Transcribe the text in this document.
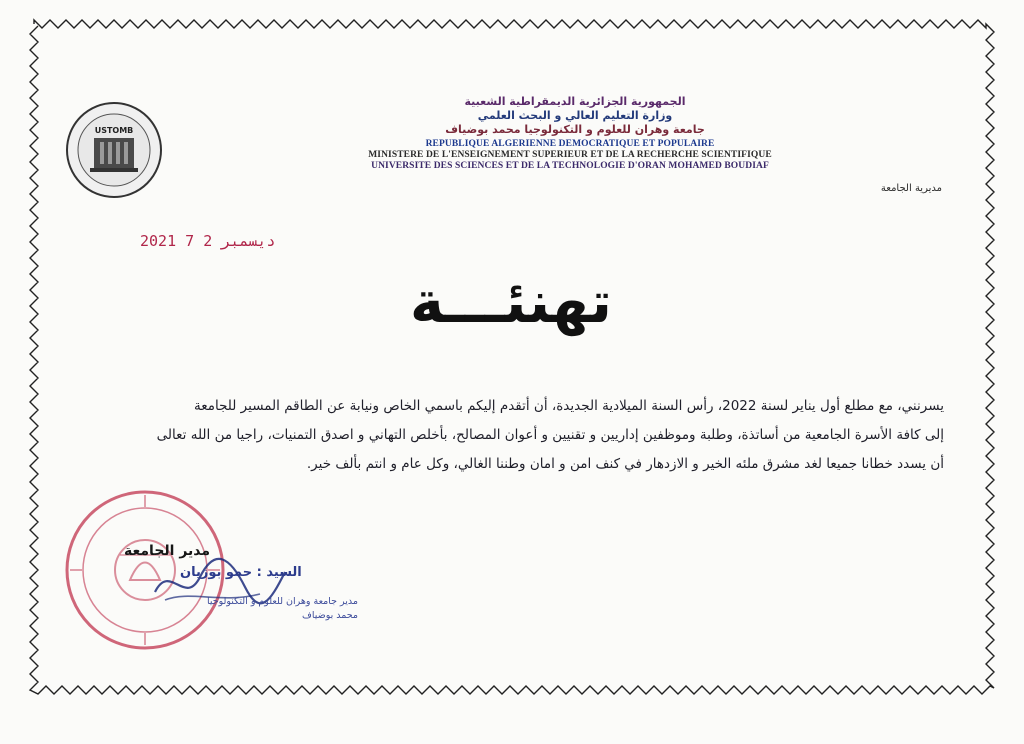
USTOMB
الجمهورية الجزائرية الديمقراطية الشعبية
وزارة التعليم العالي و البحث العلمي
جامعة وهران للعلوم و التكنولوجيا محمد بوضياف
REPUBLIQUE ALGERIENNE DEMOCRATIQUE ET POPULAIRE
MINISTERE DE L'ENSEIGNEMENT SUPERIEUR ET DE LA RECHERCHE SCIENTIFIQUE
UNIVERSITE DES SCIENCES ET DE LA TECHNOLOGIE D'ORAN MOHAMED BOUDIAF
مديرية الجامعة
2021 ديسمبر 2 7
تهنئـــة

يسرنني، مع مطلع أول يناير لسنة 2022، رأس السنة الميلادية الجديدة، أن أتقدم إليكم باسمي الخاص ونيابة عن الطاقم المسير للجامعة

إلى كافة الأسرة الجامعية من أساتذة، وطلبة وموظفين إداريين و تقنيين و أعوان المصالح، بأخلص التهاني و اصدق التمنيات، راجيا من الله تعالى

أن يسدد خطانا جميعا لغد مشرق ملئه الخير و الازدهار في كنف امن و امان وطننا الغالي، وكل عام و انتم بألف خير.

مدير الجامعة
السيد : حمو بوزيان
مدير جامعة وهران للعلوم و التكنولوجيا
محمد بوضياف
